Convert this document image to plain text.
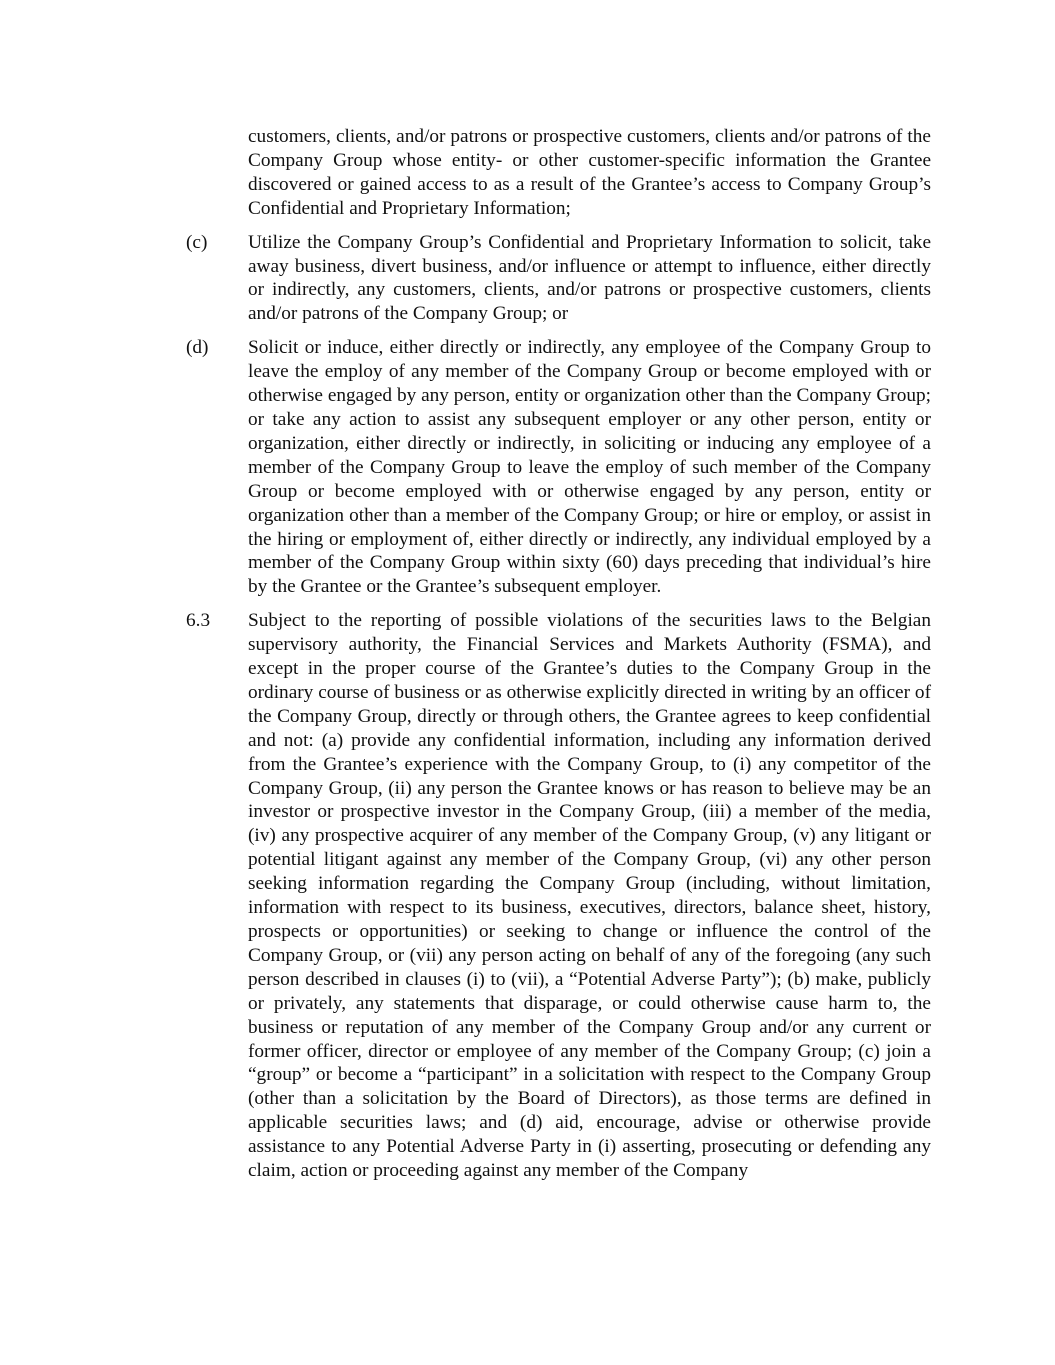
customers, clients, and/or patrons or prospective customers, clients and/or patrons of the Company Group whose entity- or other customer-specific information the Grantee discovered or gained access to as a result of the Grantee’s access to Company Group’s Confidential and Proprietary Information;

(c)	Utilize the Company Group’s Confidential and Proprietary Information to solicit, take away business, divert business, and/or influence or attempt to influence, either directly or indirectly, any customers, clients, and/or patrons or prospective customers, clients and/or patrons of the Company Group; or

(d)	Solicit or induce, either directly or indirectly, any employee of the Company Group to leave the employ of any member of the Company Group or become employed with or otherwise engaged by any person, entity or organization other than the Company Group; or take any action to assist any subsequent employer or any other person, entity or organization, either directly or indirectly, in soliciting or inducing any employee of a member of the Company Group to leave the employ of such member of the Company Group or become employed with or otherwise engaged by any person, entity or organization other than a member of the Company Group; or hire or employ, or assist in the hiring or employment of, either directly or indirectly, any individual employed by a member of the Company Group within sixty (60) days preceding that individual’s hire by the Grantee or the Grantee’s subsequent employer.

6.3	Subject to the reporting of possible violations of the securities laws to the Belgian supervisory authority, the Financial Services and Markets Authority (FSMA), and except in the proper course of the Grantee’s duties to the Company Group in the ordinary course of business or as otherwise explicitly directed in writing by an officer of the Company Group, directly or through others, the Grantee agrees to keep confidential and not: (a) provide any confidential information, including any information derived from the Grantee’s experience with the Company Group, to (i) any competitor of the Company Group, (ii) any person the Grantee knows or has reason to believe may be an investor or prospective investor in the Company Group, (iii) a member of the media, (iv) any prospective acquirer of any member of the Company Group, (v) any litigant or potential litigant against any member of the Company Group, (vi) any other person seeking information regarding the Company Group (including, without limitation, information with respect to its business, executives, directors, balance sheet, history, prospects or opportunities) or seeking to change or influence the control of the Company Group, or (vii) any person acting on behalf of any of the foregoing (any such person described in clauses (i) to (vii), a “Potential Adverse Party”); (b) make, publicly or privately, any statements that disparage, or could otherwise cause harm to, the business or reputation of any member of the Company Group and/or any current or former officer, director or employee of any member of the Company Group; (c) join a “group” or become a “participant” in a solicitation with respect to the Company Group (other than a solicitation by the Board of Directors), as those terms are defined in applicable securities laws; and (d) aid, encourage, advise or otherwise provide assistance to any Potential Adverse Party in (i) asserting, prosecuting or defending any claim, action or proceeding against any member of the Company
